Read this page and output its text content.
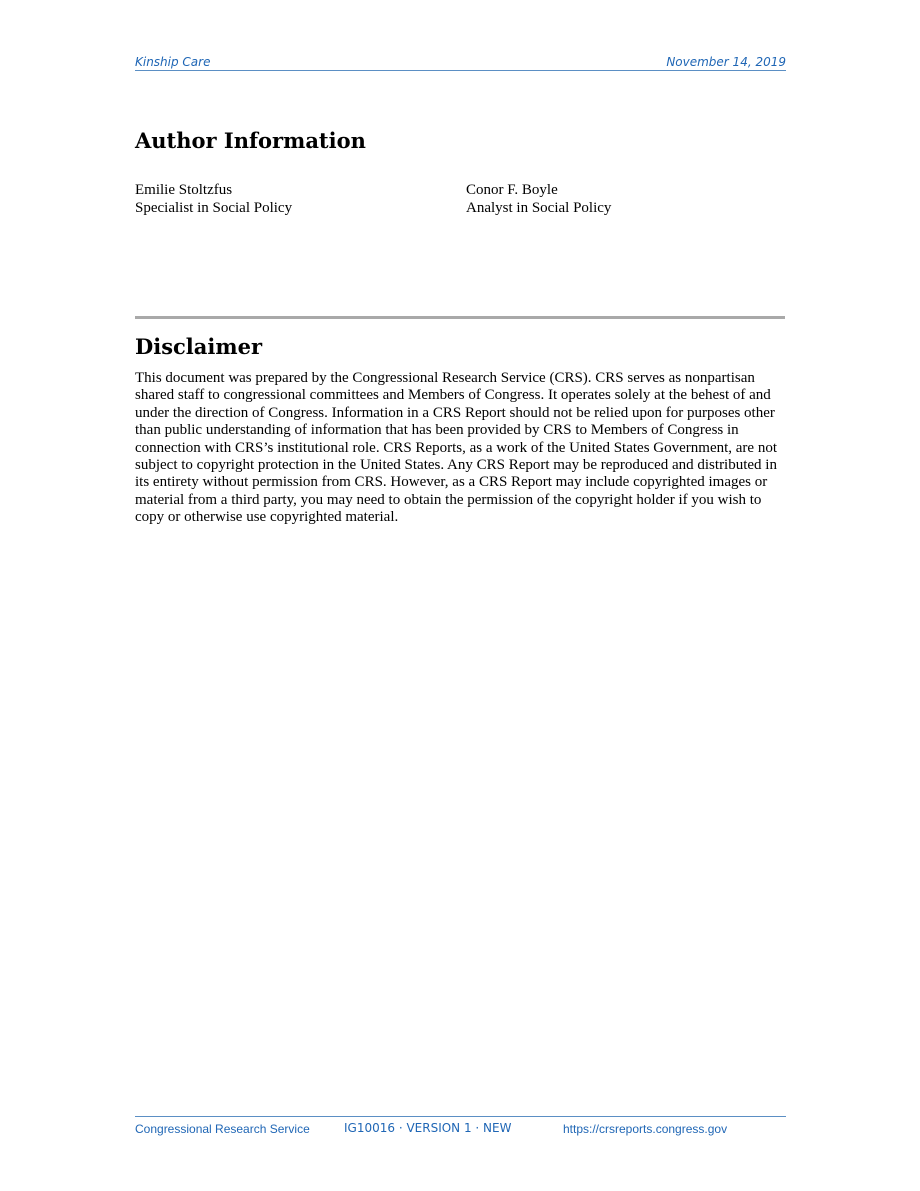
Kinship Care	November 14, 2019
Author Information
Emilie Stoltzfus
Specialist in Social Policy
Conor F. Boyle
Analyst in Social Policy
Disclaimer

This document was prepared by the Congressional Research Service (CRS). CRS serves as nonpartisan shared staff to congressional committees and Members of Congress. It operates solely at the behest of and under the direction of Congress. Information in a CRS Report should not be relied upon for purposes other than public understanding of information that has been provided by CRS to Members of Congress in connection with CRS’s institutional role. CRS Reports, as a work of the United States Government, are not subject to copyright protection in the United States. Any CRS Report may be reproduced and distributed in its entirety without permission from CRS. However, as a CRS Report may include copyrighted images or material from a third party, you may need to obtain the permission of the copyright holder if you wish to copy or otherwise use copyrighted material.

Congressional Research Service	IG10016 · VERSION 1 · NEW	https://crsreports.congress.gov
